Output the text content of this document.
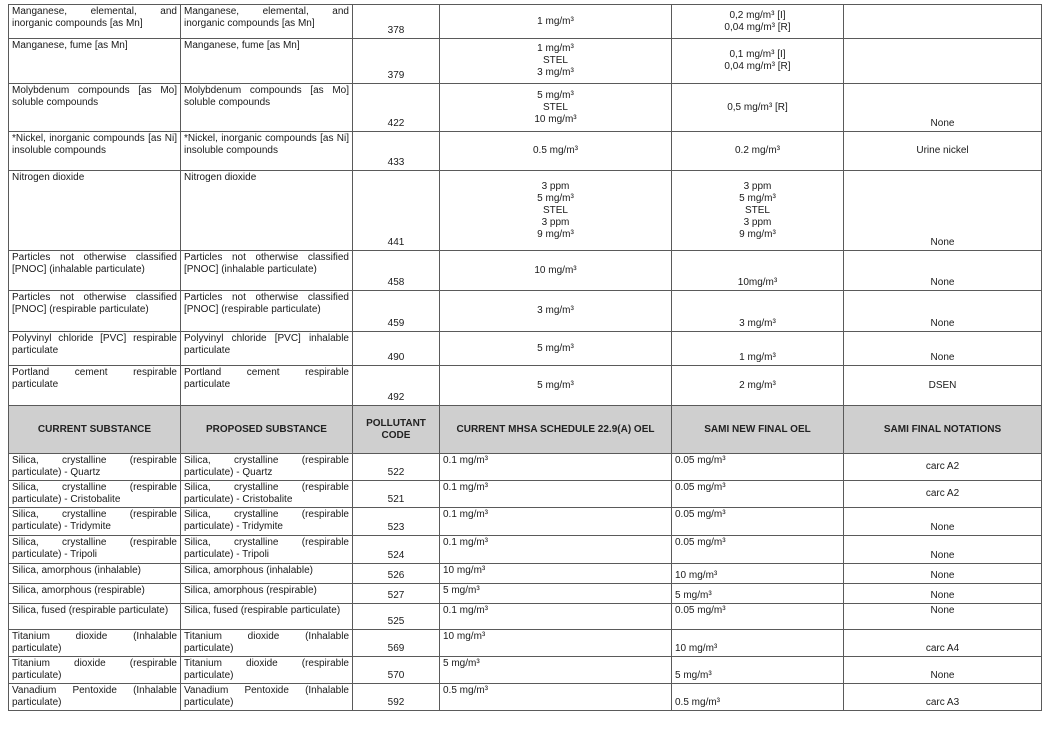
Manganese, elemental, and inorganic compounds [as Mn]	Manganese, elemental, and inorganic compounds [as Mn]	378	1 mg/m³	0,2 mg/m³ [I]
0,04 mg/m³ [R]	
Manganese, fume [as Mn]	Manganese, fume [as Mn]	379	1 mg/m³
STEL
3 mg/m³	0,1 mg/m³ [I]
0,04 mg/m³ [R]	
Molybdenum compounds [as Mo] soluble compounds	Molybdenum compounds [as Mo] soluble compounds	422	5 mg/m³
STEL
10 mg/m³	0,5 mg/m³ [R]	None
*Nickel, inorganic compounds [as Ni] insoluble compounds	*Nickel, inorganic compounds [as Ni] insoluble compounds	433	0.5 mg/m³	0.2 mg/m³	Urine nickel
Nitrogen dioxide	Nitrogen dioxide	441	3 ppm
5 mg/m³
STEL
3 ppm
9 mg/m³	3 ppm
5 mg/m³
STEL
3 ppm
9 mg/m³	None
Particles not otherwise classified [PNOC] (inhalable particulate)	Particles not otherwise classified [PNOC] (inhalable particulate)	458	10 mg/m³	10mg/m³	None
Particles not otherwise classified [PNOC] (respirable particulate)	Particles not otherwise classified [PNOC] (respirable particulate)	459	3 mg/m³	3 mg/m³	None
Polyvinyl chloride [PVC] respirable particulate	Polyvinyl chloride [PVC] inhalable particulate	490	5 mg/m³	1 mg/m³	None
Portland cement respirable particulate	Portland cement respirable particulate	492	5 mg/m³	2 mg/m³	DSEN
CURRENT SUBSTANCE	PROPOSED SUBSTANCE	POLLUTANT CODE	CURRENT MHSA SCHEDULE 22.9(A) OEL	SAMI NEW FINAL OEL	SAMI FINAL NOTATIONS
Silica, crystalline (respirable particulate) - Quartz	Silica, crystalline (respirable particulate) - Quartz	522	0.1 mg/m³	0.05 mg/m³	carc A2
Silica, crystalline (respirable particulate) - Cristobalite	Silica, crystalline (respirable particulate) - Cristobalite	521	0.1 mg/m³	0.05 mg/m³	carc A2
Silica, crystalline (respirable particulate) - Tridymite	Silica, crystalline (respirable particulate) - Tridymite	523	0.1 mg/m³	0.05 mg/m³	None
Silica, crystalline (respirable particulate) - Tripoli	Silica, crystalline (respirable particulate) - Tripoli	524	0.1 mg/m³	0.05 mg/m³	None
Silica, amorphous (inhalable)	Silica, amorphous (inhalable)	526	10 mg/m³	10 mg/m³	None
Silica, amorphous (respirable)	Silica, amorphous (respirable)	527	5 mg/m³	5 mg/m³	None
Silica, fused (respirable particulate)	Silica, fused (respirable particulate)	525	0.1 mg/m³	0.05 mg/m³	None
Titanium dioxide (Inhalable particulate)	Titanium dioxide (Inhalable particulate)	569	10 mg/m³	10 mg/m³	carc A4
Titanium dioxide (respirable particulate)	Titanium dioxide (respirable particulate)	570	5 mg/m³	5 mg/m³	None
Vanadium Pentoxide (Inhalable particulate)	Vanadium Pentoxide (Inhalable particulate)	592	0.5 mg/m³	0.5 mg/m³	carc A3
